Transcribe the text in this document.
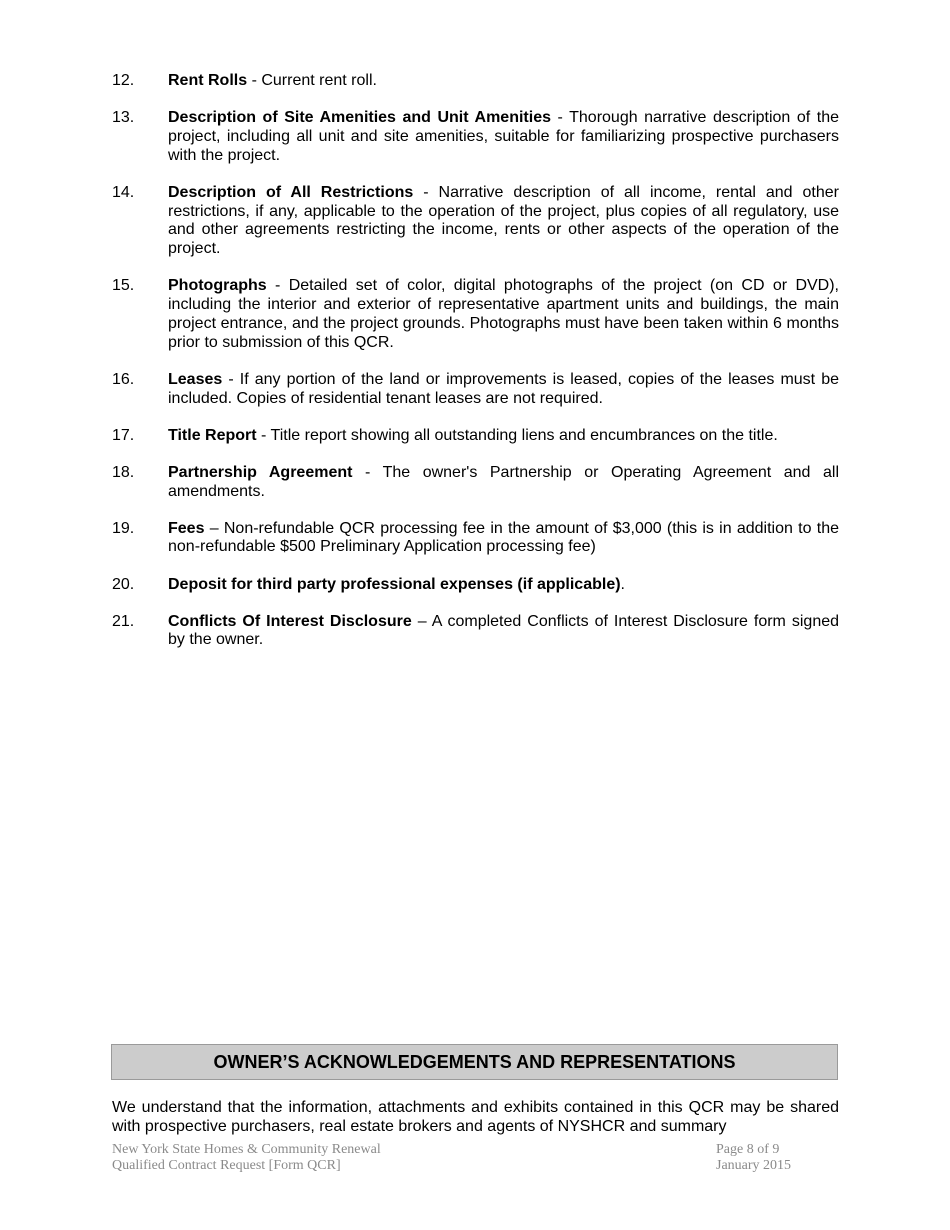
12.	Rent Rolls - Current rent roll.
13.	Description of Site Amenities and Unit Amenities - Thorough narrative description of the project, including all unit and site amenities, suitable for familiarizing prospective purchasers with the project.
14.	Description of All Restrictions - Narrative description of all income, rental and other restrictions, if any, applicable to the operation of the project, plus copies of all regulatory, use and other agreements restricting the income, rents or other aspects of the operation of the project.
15.	Photographs - Detailed set of color, digital photographs of the project (on CD or DVD), including the interior and exterior of representative apartment units and buildings, the main project entrance, and the project grounds. Photographs must have been taken within 6 months prior to submission of this QCR.
16.	Leases - If any portion of the land or improvements is leased, copies of the leases must be included. Copies of residential tenant leases are not required.
17.	Title Report - Title report showing all outstanding liens and encumbrances on the title.
18.	Partnership Agreement - The owner's Partnership or Operating Agreement and all amendments.
19.	Fees – Non-refundable QCR processing fee in the amount of $3,000 (this is in addition to the non-refundable $500 Preliminary Application processing fee)
20.	Deposit for third party professional expenses (if applicable).
21.	Conflicts Of Interest Disclosure – A completed Conflicts of Interest Disclosure form signed by the owner.
OWNER’S ACKNOWLEDGEMENTS AND REPRESENTATIONS
We understand that the information, attachments and exhibits contained in this QCR may be shared with prospective purchasers, real estate brokers and agents of NYSHCR and summary
New York State Homes & Community Renewal
Qualified Contract Request [Form QCR]
Page 8 of 9
January 2015
